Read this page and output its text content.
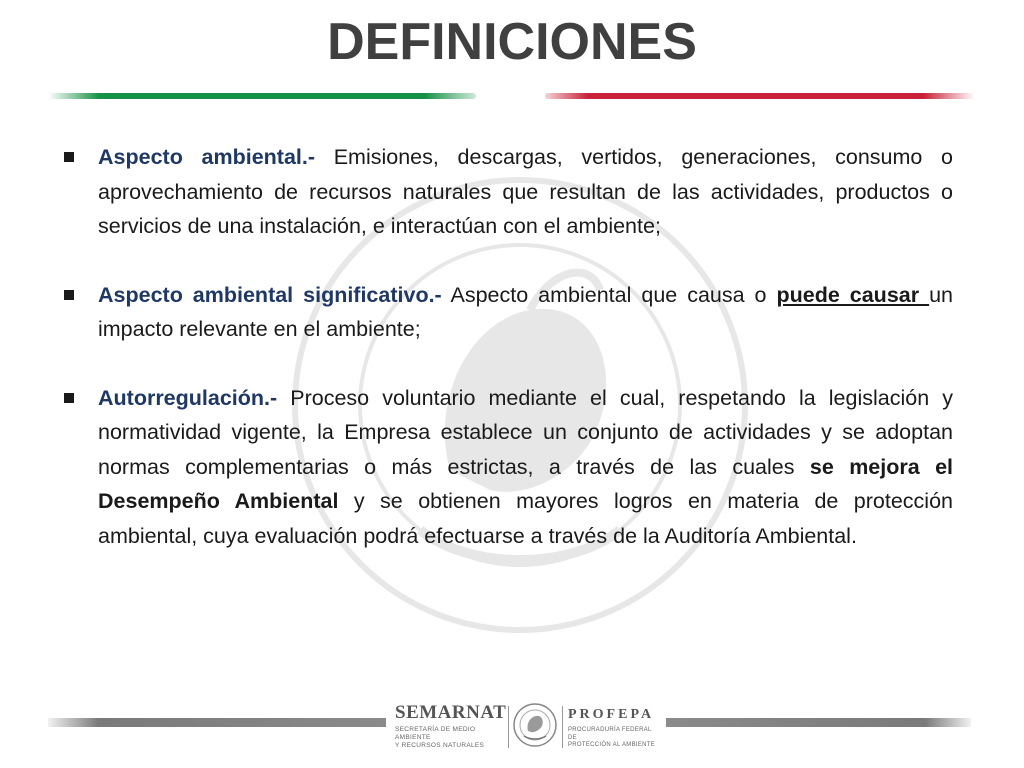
DEFINICIONES
Aspecto ambiental.- Emisiones, descargas, vertidos, generaciones, consumo o aprovechamiento de recursos naturales que resultan de las actividades, productos o servicios de una instalación, e interactúan con el ambiente;
Aspecto ambiental significativo.- Aspecto ambiental que causa o puede causar un impacto relevante en el ambiente;
Autorregulación.- Proceso voluntario mediante el cual, respetando la legislación y normatividad vigente, la Empresa establece un conjunto de actividades y se adoptan normas complementarias o más estrictas, a través de las cuales se mejora el Desempeño Ambiental y se obtienen mayores logros en materia de protección ambiental, cuya evaluación podrá efectuarse a través de la Auditoría Ambiental.
SEMARNAT
SECRETARÍA DE MEDIO AMBIENTE
Y RECURSOS NATURALES
PROFEPA
PROCURADURÍA FEDERAL DE
PROTECCIÓN AL AMBIENTE
